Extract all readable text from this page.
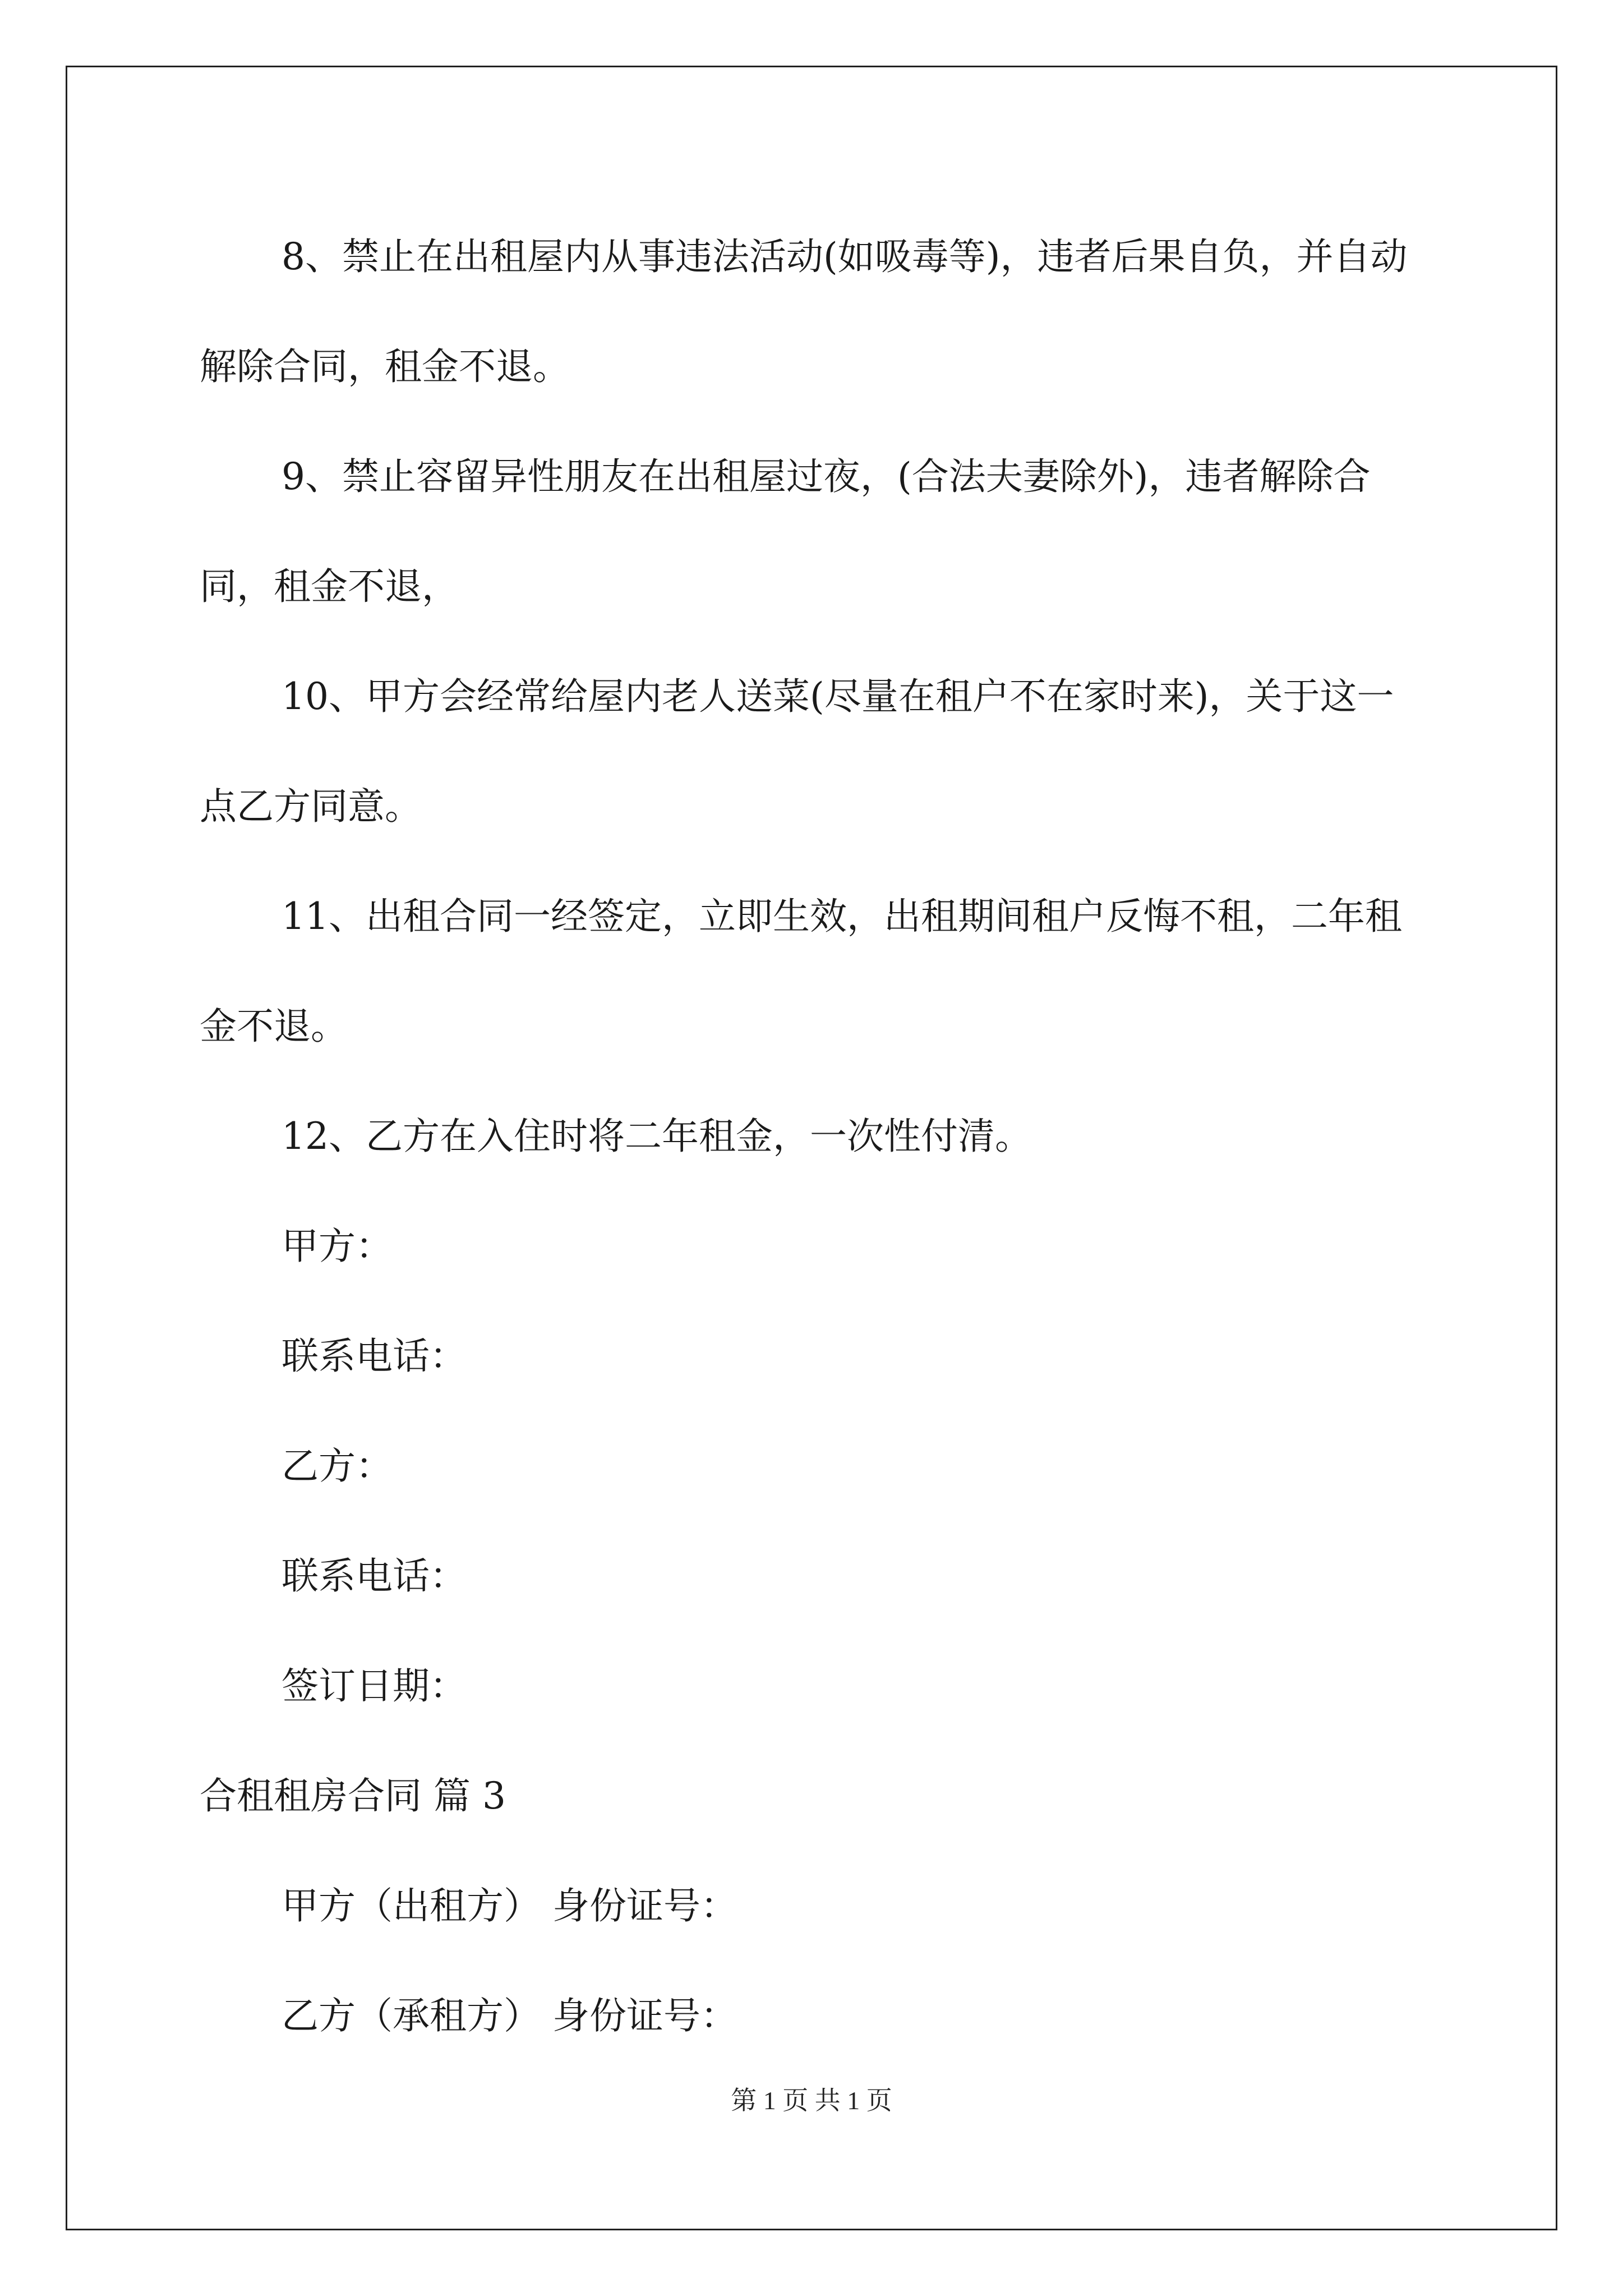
8、禁止在出租屋内从事违法活动(如吸毒等)，违者后果自负，并自动解除合同，租金不退。

9、禁止容留异性朋友在出租屋过夜，(合法夫妻除外)，违者解除合同，租金不退，

10、甲方会经常给屋内老人送菜(尽量在租户不在家时来)，关于这一点乙方同意。

11、出租合同一经签定，立即生效，出租期间租户反悔不租，二年租金不退。

12、乙方在入住时将二年租金，一次性付清。

甲方：

联系电话：

乙方：

联系电话：

签订日期：

合租租房合同 篇 3

甲方（出租方） 身份证号：

乙方（承租方） 身份证号：

第 1 页 共 1 页
